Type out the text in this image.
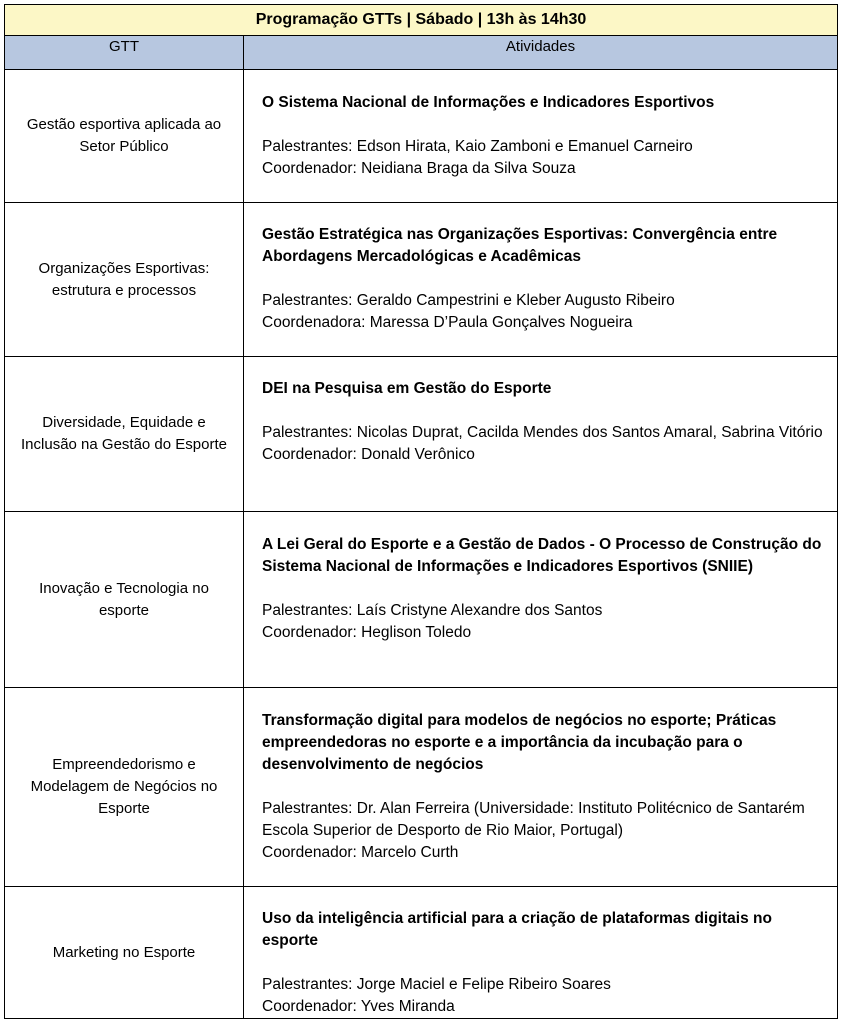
Programação GTTs | Sábado | 13h às 14h30	
GTT	Atividades
Gestão esportiva aplicada ao Setor Público	O Sistema Nacional de Informações e Indicadores Esportivos

Palestrantes: Edson Hirata, Kaio Zamboni e Emanuel Carneiro

Coordenador: Neidiana Braga da Silva Souza

Organizações Esportivas: estrutura e processos	Gestão Estratégica nas Organizações Esportivas: Convergência entre Abordagens Mercadológicas e Acadêmicas

Palestrantes: Geraldo Campestrini e Kleber Augusto Ribeiro

Coordenadora: Maressa D’Paula Gonçalves Nogueira

Diversidade, Equidade e Inclusão na Gestão do Esporte	DEI na Pesquisa em Gestão do Esporte

Palestrantes: Nicolas Duprat, Cacilda Mendes dos Santos Amaral, Sabrina Vitório

Coordenador: Donald Verônico

Inovação e Tecnologia no esporte	A Lei Geral do Esporte e a Gestão de Dados - O Processo de Construção do Sistema Nacional de Informações e Indicadores Esportivos (SNIIE)

Palestrantes: Laís Cristyne Alexandre dos Santos

Coordenador: Heglison Toledo

Empreendedorismo e Modelagem de Negócios no Esporte	Transformação digital para modelos de negócios no esporte; Práticas empreendedoras no esporte e a importância da incubação para o desenvolvimento de negócios

Palestrantes: Dr. Alan Ferreira (Universidade: Instituto Politécnico de Santarém Escola Superior de Desporto de Rio Maior, Portugal)

Coordenador: Marcelo Curth

Marketing no Esporte	Uso da inteligência artificial para a criação de plataformas digitais no esporte

Palestrantes: Jorge Maciel e Felipe Ribeiro Soares

Coordenador: Yves Miranda
